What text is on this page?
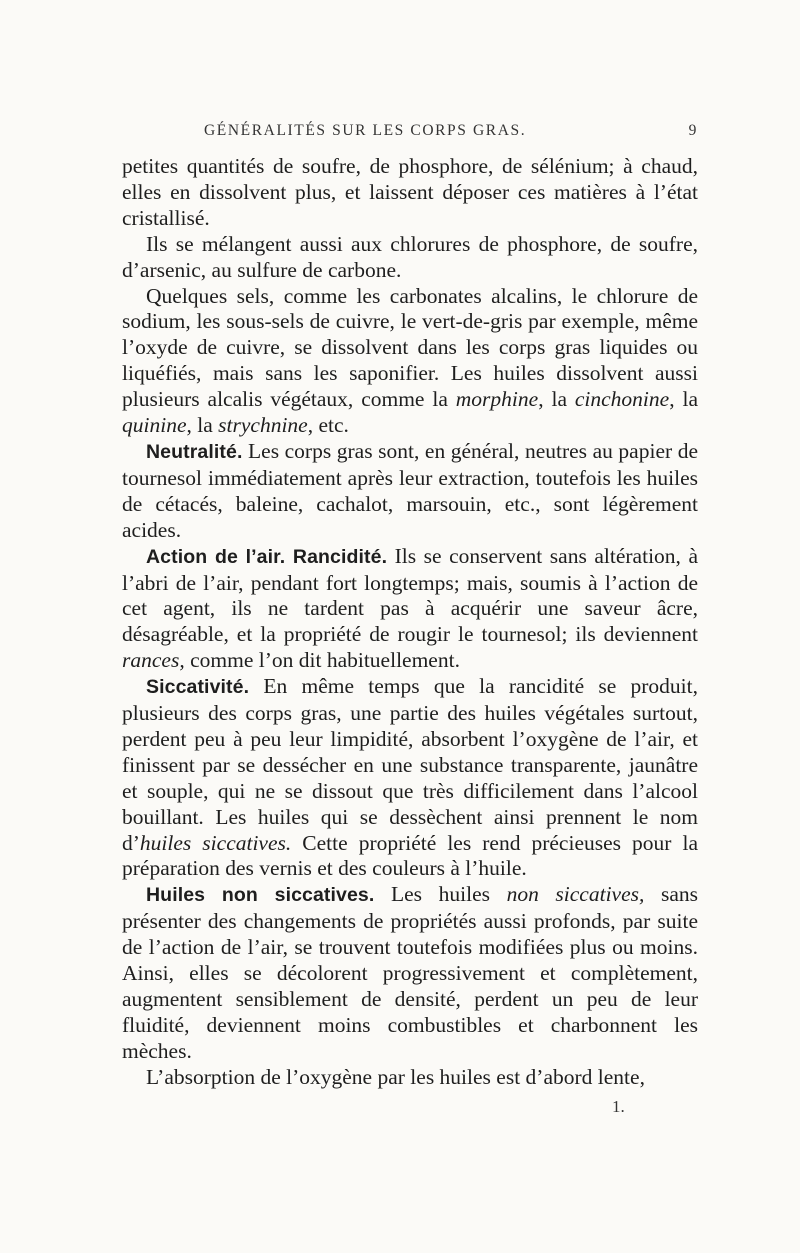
GÉNÉRALITÉS SUR LES CORPS GRAS.	9

petites quantités de soufre, de phosphore, de sélénium; à chaud, elles en dissolvent plus, et laissent déposer ces matières à l’état cristallisé.

Ils se mélangent aussi aux chlorures de phosphore, de soufre, d’arsenic, au sulfure de carbone.

Quelques sels, comme les carbonates alcalins, le chlorure de sodium, les sous-sels de cuivre, le vert-de-gris par exemple, même l’oxyde de cuivre, se dissolvent dans les corps gras liquides ou liquéfiés, mais sans les saponifier. Les huiles dissolvent aussi plusieurs alcalis végétaux, comme la morphine, la cinchonine, la quinine, la strychnine, etc.

Neutralité. Les corps gras sont, en général, neutres au papier de tournesol immédiatement après leur extraction, toutefois les huiles de cétacés, baleine, cachalot, marsouin, etc., sont légèrement acides.

Action de l’air. Rancidité. Ils se conservent sans altération, à l’abri de l’air, pendant fort longtemps; mais, soumis à l’action de cet agent, ils ne tardent pas à acquérir une saveur âcre, désagréable, et la propriété de rougir le tournesol; ils deviennent rances, comme l’on dit habituellement.

Siccativité. En même temps que la rancidité se produit, plusieurs des corps gras, une partie des huiles végétales surtout, perdent peu à peu leur limpidité, absorbent l’oxygène de l’air, et finissent par se dessécher en une substance transparente, jaunâtre et souple, qui ne se dissout que très difficilement dans l’alcool bouillant. Les huiles qui se dessèchent ainsi prennent le nom d’huiles siccatives. Cette propriété les rend précieuses pour la préparation des vernis et des couleurs à l’huile.

Huiles non siccatives. Les huiles non siccatives, sans présenter des changements de propriétés aussi profonds, par suite de l’action de l’air, se trouvent toutefois modifiées plus ou moins. Ainsi, elles se décolorent progressivement et complètement, augmentent sensiblement de densité, perdent un peu de leur fluidité, deviennent moins combustibles et charbonnent les mèches.

L’absorption de l’oxygène par les huiles est d’abord lente,

1.
